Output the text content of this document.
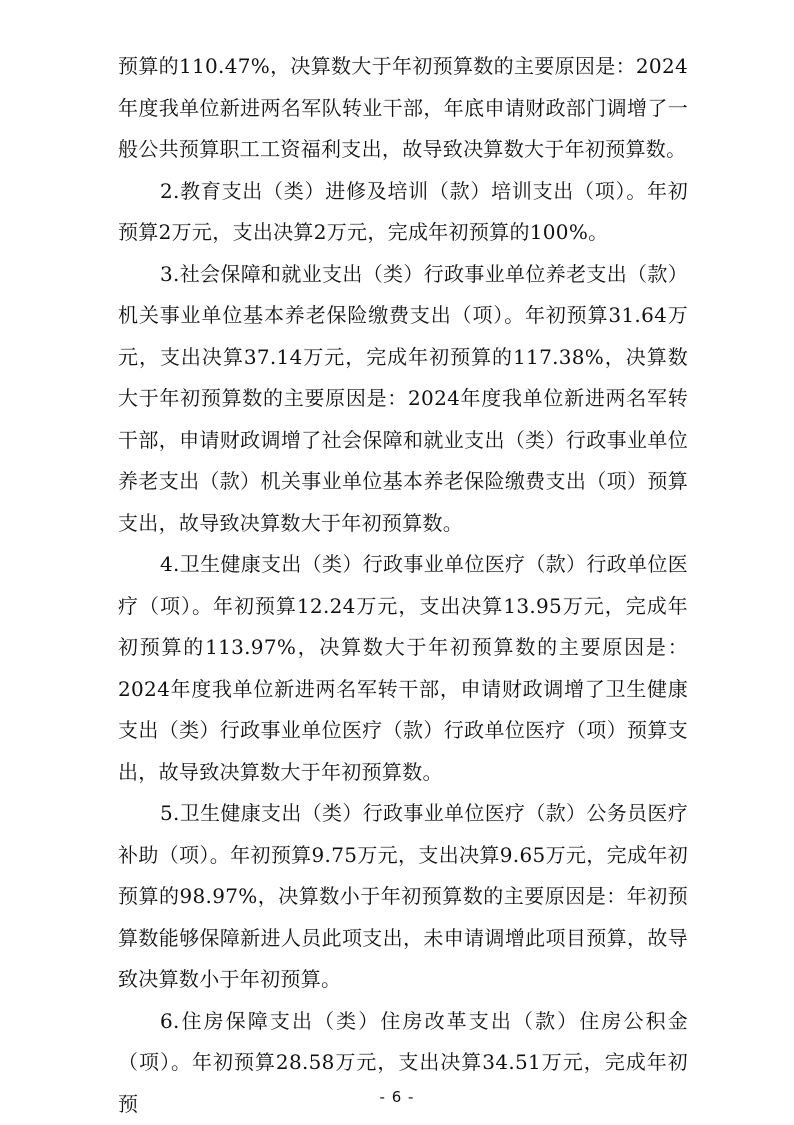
预算的110.47%，决算数大于年初预算数的主要原因是：2024年度我单位新进两名军队转业干部，年底申请财政部门调增了一般公共预算职工工资福利支出，故导致决算数大于年初预算数。

2.教育支出（类）进修及培训（款）培训支出（项）。年初预算2万元，支出决算2万元，完成年初预算的100%。

3.社会保障和就业支出（类）行政事业单位养老支出（款）机关事业单位基本养老保险缴费支出（项）。年初预算31.64万元，支出决算37.14万元，完成年初预算的117.38%，决算数大于年初预算数的主要原因是：2024年度我单位新进两名军转干部，申请财政调增了社会保障和就业支出（类）行政事业单位养老支出（款）机关事业单位基本养老保险缴费支出（项）预算支出，故导致决算数大于年初预算数。

4.卫生健康支出（类）行政事业单位医疗（款）行政单位医疗（项）。年初预算12.24万元，支出决算13.95万元，完成年初预算的113.97%，决算数大于年初预算数的主要原因是：2024年度我单位新进两名军转干部，申请财政调增了卫生健康支出（类）行政事业单位医疗（款）行政单位医疗（项）预算支出，故导致决算数大于年初预算数。

5.卫生健康支出（类）行政事业单位医疗（款）公务员医疗补助（项）。年初预算9.75万元，支出决算9.65万元，完成年初预算的98.97%，决算数小于年初预算数的主要原因是：年初预算数能够保障新进人员此项支出，未申请调增此项目预算，故导致决算数小于年初预算。

6.住房保障支出（类）住房改革支出（款）住房公积金（项）。年初预算28.58万元，支出决算34.51万元，完成年初预	- 6 -
